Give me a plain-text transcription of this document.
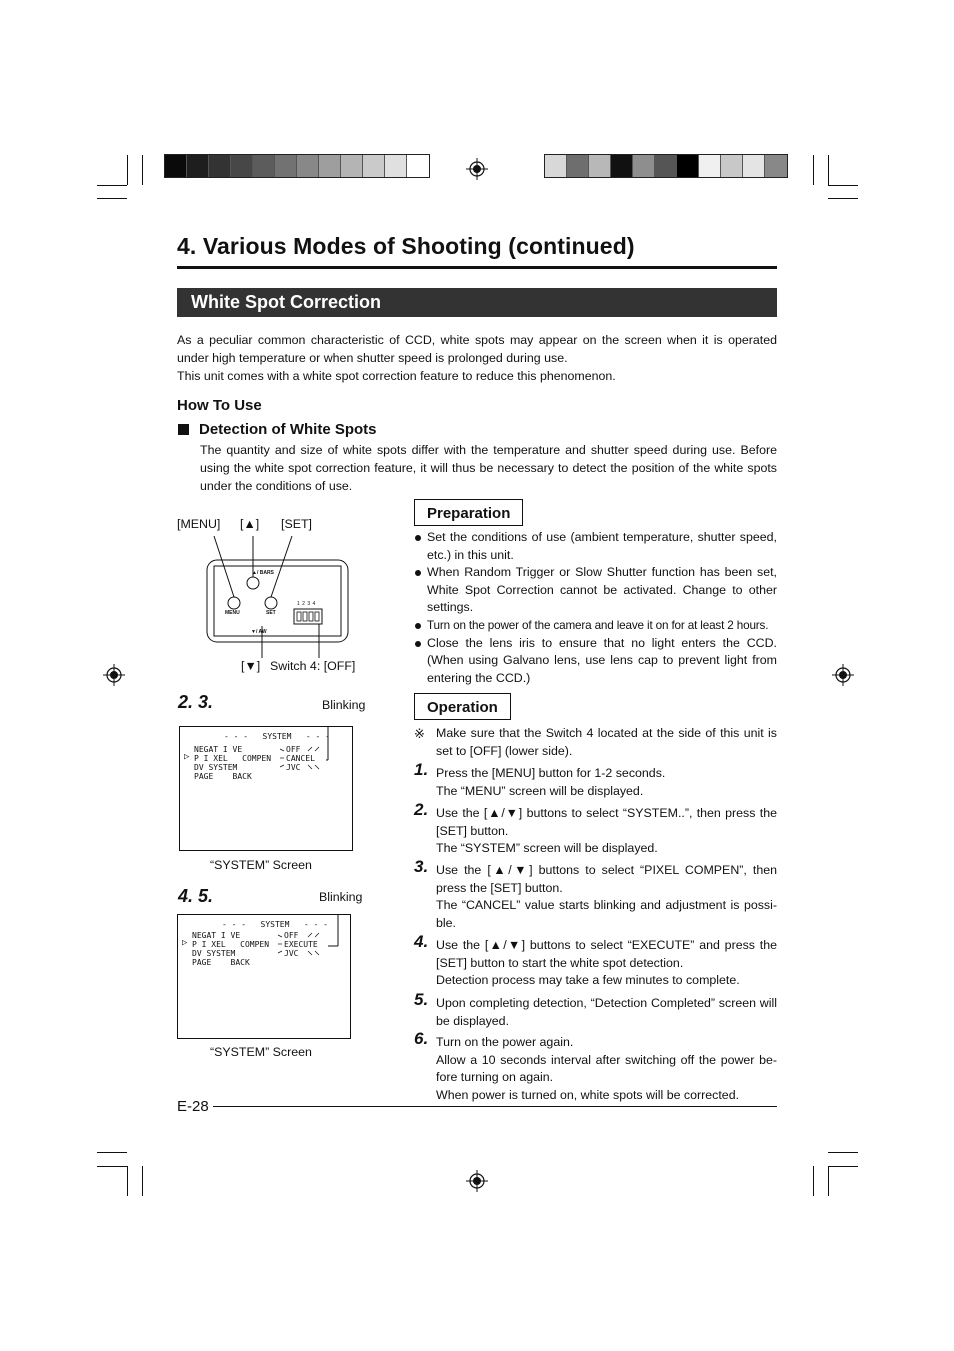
4. Various Modes of Shooting (continued)
White Spot Correction

As a peculiar common characteristic of CCD, white spots may appear on the screen when it is operated under high temperature or when shutter speed is prolonged during use.

This unit comes with a white spot correction feature to reduce this phenomenon.

How To Use
Detection of White Spots

The quantity and size of white spots differ with the temperature and shutter speed during use. Before using the white spot correction feature, it will thus be necessary to detect the position of the white spots under the conditions of use.

[MENU] [▲] [SET]
[▼] Switch 4: [OFF]
▲/ BARS
MENU	SET
▼/ AW
1 2 3 4
2. 3.	Blinking
- - -   SYSTEM   - - -
NEGAT I VE
P I XEL   COMPEN
DV SYSTEM
PAGE    BACK
▷
OFF
CANCEL
JVC
“SYSTEM” Screen
4. 5.	Blinking
- - -   SYSTEM   - - -
NEGAT I VE
P I XEL   COMPEN
DV SYSTEM
PAGE    BACK
▷
OFF
EXECUTE
JVC
“SYSTEM” Screen
Preparation
Set the conditions of use (ambient temperature, shutter speed, etc.) in this unit.
When Random Trigger or Slow Shutter function has been set, White Spot Correction cannot be activated. Change to other settings.
Turn on the power of the camera and leave it on for at least 2 hours.
Close the lens iris to ensure that no light enters the CCD. (When using Galvano lens, use lens cap to prevent light from entering the CCD.)
Operation
※ Make sure that the Switch 4 located at the side of this unit is set to [OFF] (lower side).
1. Press the [MENU] button for 1-2 seconds.
The “MENU” screen will be displayed.
2. Use the [▲/▼] buttons to select “SYSTEM..”, then press the [SET] button.
The “SYSTEM” screen will be displayed.
3. Use the [▲/▼] buttons to select “PIXEL COMPEN”, then press the [SET] button.
The “CANCEL” value starts blinking and adjustment is possi-ble.
4. Use the [▲/▼] buttons to select “EXECUTE” and press the [SET] button to start the white spot detection.
Detection process may take a few minutes to complete.
5. Upon completing detection, “Detection Completed” screen will be displayed.
6. Turn on the power again.
Allow a 10 seconds interval after switching off the power be-fore turning on again.
When power is turned on, white spots will be corrected.
E-28
